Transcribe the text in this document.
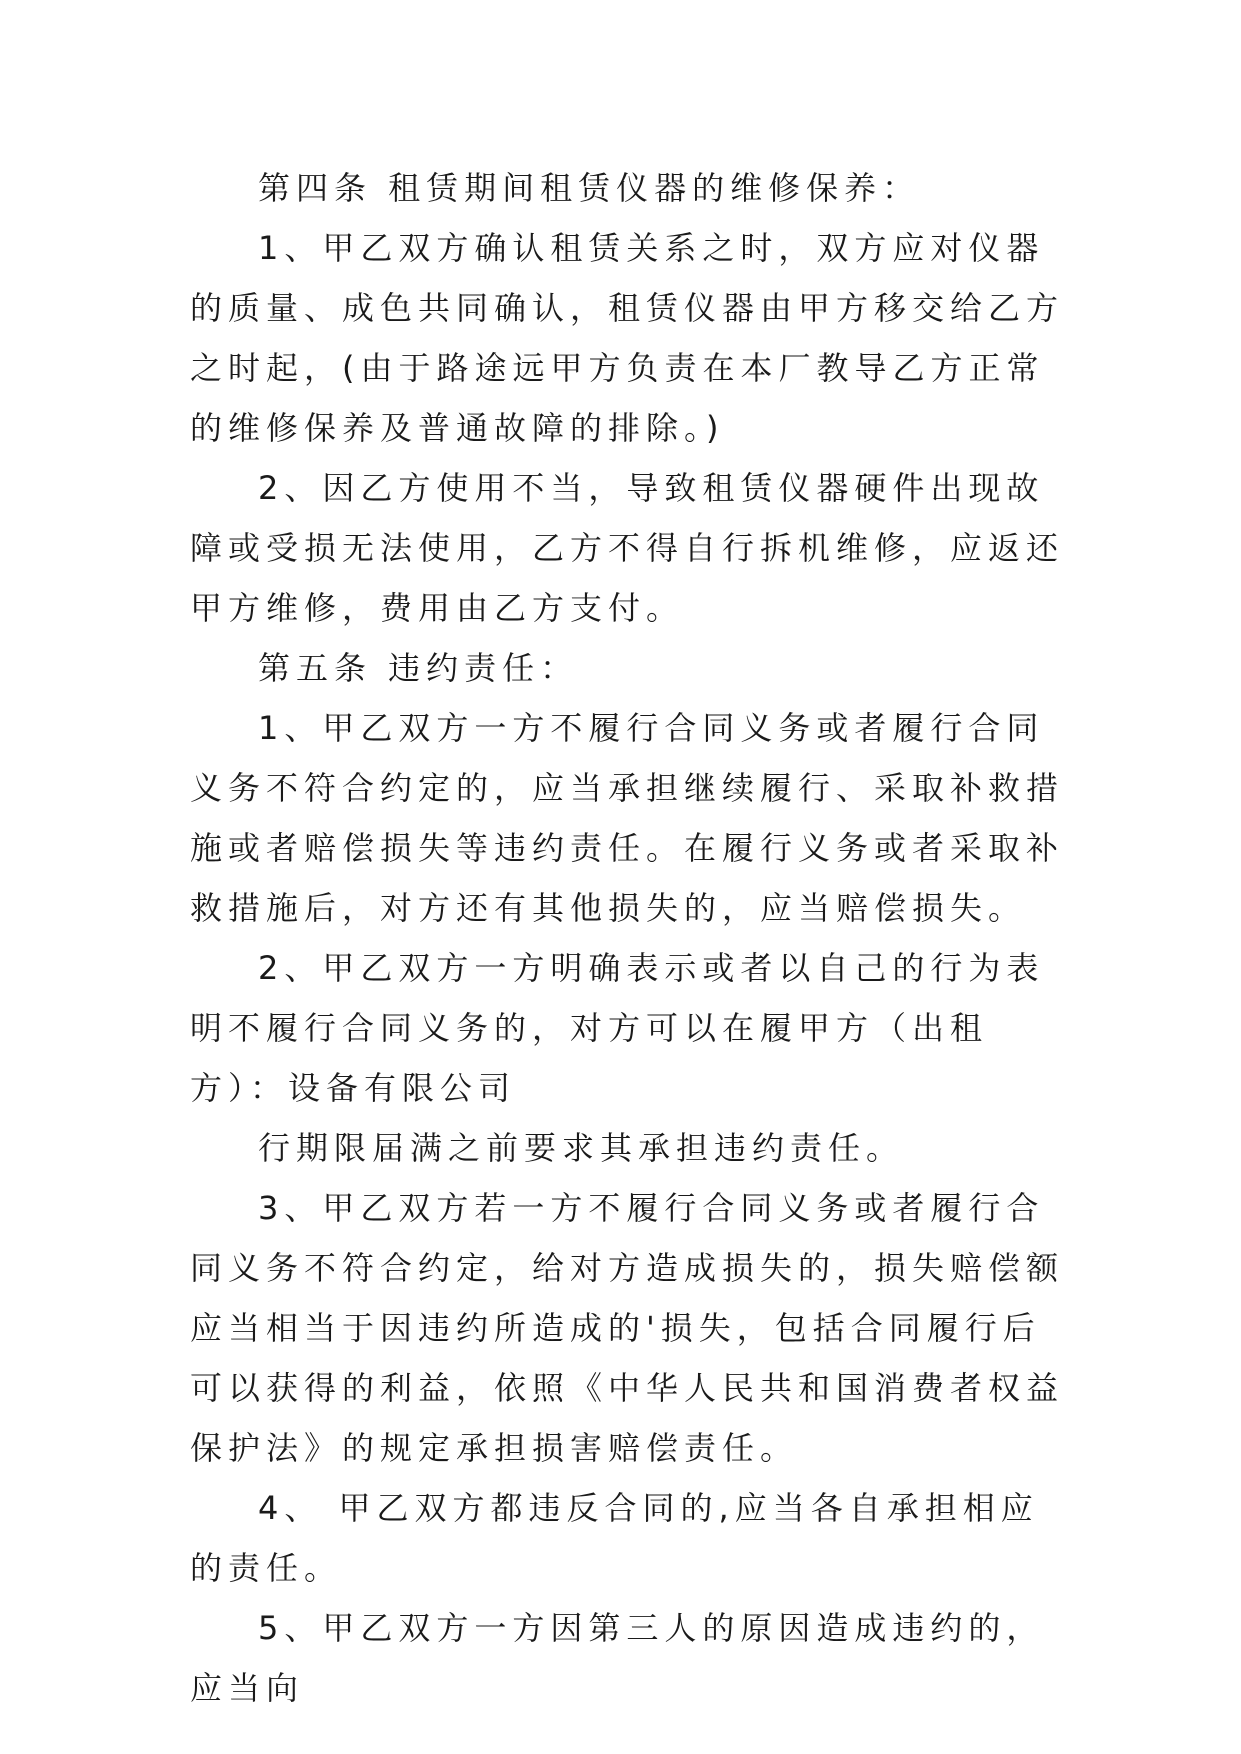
第四条 租赁期间租赁仪器的维修保养：

1、甲乙双方确认租赁关系之时，双方应对仪器的质量、成色共同确认，租赁仪器由甲方移交给乙方之时起，(由于路途远甲方负责在本厂教导乙方正常的维修保养及普通故障的排除。)

2、因乙方使用不当，导致租赁仪器硬件出现故障或受损无法使用，乙方不得自行拆机维修，应返还甲方维修，费用由乙方支付。

第五条 违约责任：

1、甲乙双方一方不履行合同义务或者履行合同义务不符合约定的，应当承担继续履行、采取补救措施或者赔偿损失等违约责任。在履行义务或者采取补救措施后，对方还有其他损失的，应当赔偿损失。

2、甲乙双方一方明确表示或者以自己的行为表明不履行合同义务的，对方可以在履甲方（出租方）：设备有限公司

行期限届满之前要求其承担违约责任。

3、甲乙双方若一方不履行合同义务或者履行合同义务不符合约定，给对方造成损失的，损失赔偿额应当相当于因违约所造成的'损失，包括合同履行后可以获得的利益，依照《中华人民共和国消费者权益保护法》的规定承担损害赔偿责任。

4、 甲乙双方都违反合同的,应当各自承担相应的责任。

5、甲乙双方一方因第三人的原因造成违约的，应当向
